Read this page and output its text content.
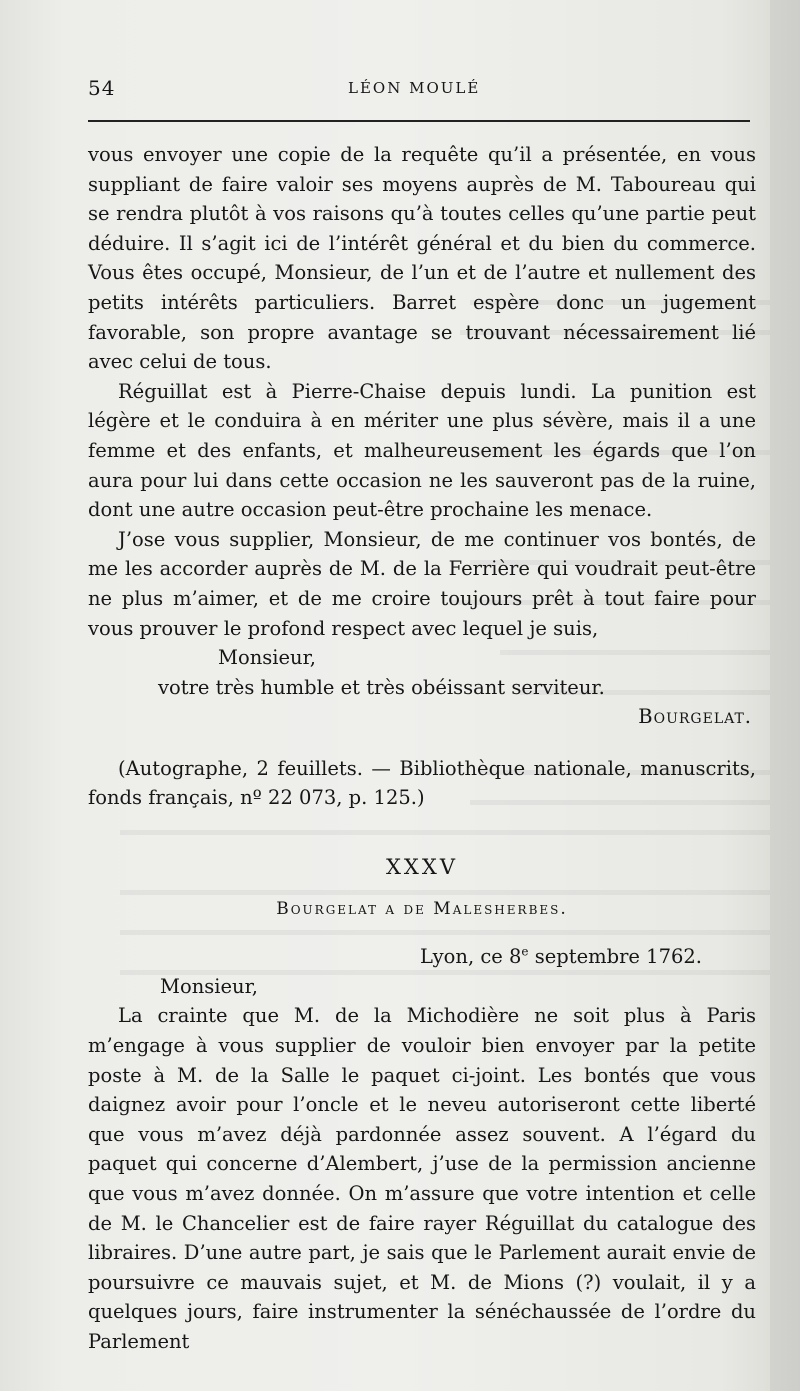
54	LÉON MOULÉ

vous envoyer une copie de la requête qu’il a présentée, en vous suppliant de faire valoir ses moyens auprès de M. Taboureau qui se rendra plutôt à vos raisons qu’à toutes celles qu’une partie peut déduire. Il s’agit ici de l’intérêt général et du bien du commerce. Vous êtes occupé, Monsieur, de l’un et de l’autre et nullement des petits intérêts particuliers. Barret espère donc un jugement favorable, son propre avantage se trouvant nécessairement lié avec celui de tous.

Réguillat est à Pierre-Chaise depuis lundi. La punition est légère et le conduira à en mériter une plus sévère, mais il a une femme et des enfants, et malheureusement les égards que l’on aura pour lui dans cette occasion ne les sauveront pas de la ruine, dont une autre occasion peut-être prochaine les menace.

J’ose vous supplier, Monsieur, de me continuer vos bontés, de me les accorder auprès de M. de la Ferrière qui voudrait peut-être ne plus m’aimer, et de me croire toujours prêt à tout faire pour vous prouver le profond respect avec lequel je suis,

Monsieur,

votre très humble et très obéissant serviteur.

Bourgelat.

(Autographe, 2 feuillets. — Bibliothèque nationale, manuscrits, fonds français, nº 22 073, p. 125.)

XXXV

Bourgelat a de Malesherbes.

Lyon, ce 8e septembre 1762.

Monsieur,

La crainte que M. de la Michodière ne soit plus à Paris m’engage à vous supplier de vouloir bien envoyer par la petite poste à M. de la Salle le paquet ci-joint. Les bontés que vous daignez avoir pour l’oncle et le neveu autoriseront cette liberté que vous m’avez déjà pardonnée assez souvent. A l’égard du paquet qui concerne d’Alembert, j’use de la permission ancienne que vous m’avez donnée. On m’assure que votre intention et celle de M. le Chancelier est de faire rayer Réguillat du catalogue des libraires. D’une autre part, je sais que le Parlement aurait envie de poursuivre ce mauvais sujet, et M. de Mions (?) voulait, il y a quelques jours, faire instrumenter la sénéchaussée de l’ordre du Parlement
